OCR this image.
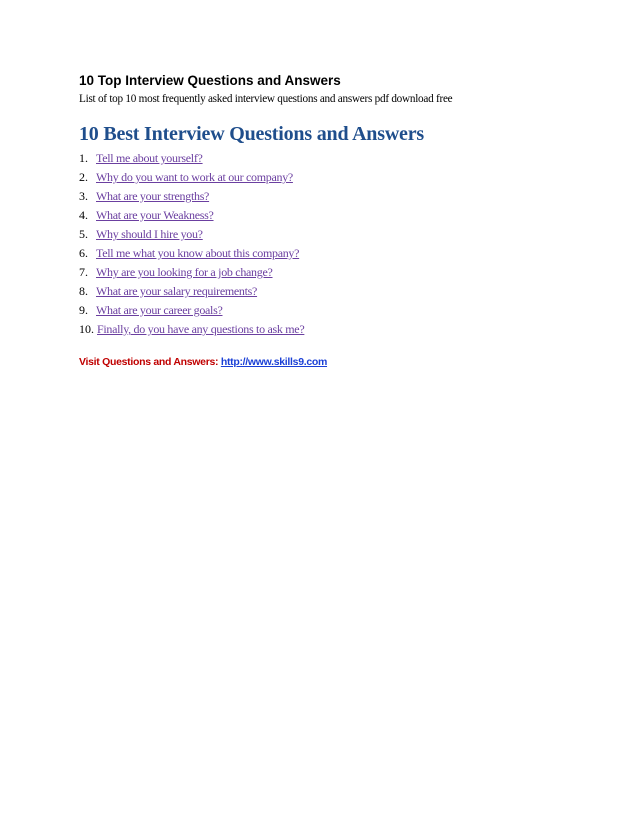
10 Top Interview Questions and Answers

List of top 10 most frequently asked interview questions and answers pdf download free

10 Best Interview Questions and Answers
1. Tell me about yourself?
2. Why do you want to work at our company?
3. What are your strengths?
4. What are your Weakness?
5. Why should I hire you?
6. Tell me what you know about this company?
7. Why are you looking for a job change?
8. What are your salary requirements?
9. What are your career goals?
10. Finally, do you have any questions to ask me?

Visit Questions and Answers: http://www.skills9.com
